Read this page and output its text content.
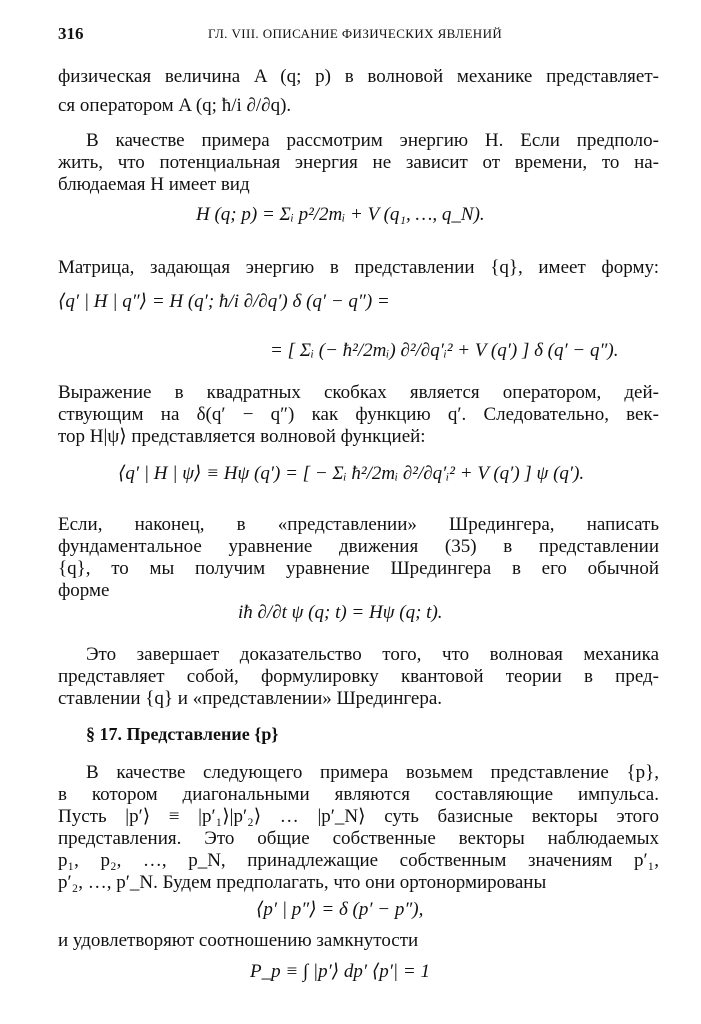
316	ГЛ. VIII. ОПИСАНИЕ ФИЗИЧЕСКИХ ЯВЛЕНИЙ
физическая величина A (q; p) в волновой механике представляет-
ся оператором A (q; ħ/i ∂/∂q).
В качестве примера рассмотрим энергию H. Если предполо-
жить, что потенциальная энергия не зависит от времени, то на-
блюдаемая H имеет вид
H (q; p) = Σᵢ p²/2mᵢ + V (q₁, …, q_N).
Матрица, задающая энергию в представлении {q}, имеет форму:
⟨q′ | H | q″⟩ = H (q′; ħ/i ∂/∂q′) δ (q′ − q″) =
= [ Σᵢ (− ħ²/2mᵢ) ∂²/∂q′ᵢ² + V (q′) ] δ (q′ − q″).
Выражение в квадратных скобках является оператором, дей-
ствующим на δ(q′ − q″) как функцию q′. Следовательно, век-
тор H|ψ⟩ представляется волновой функцией:
⟨q′ | H | ψ⟩ ≡ Hψ (q′) = [ − Σᵢ ħ²/2mᵢ ∂²/∂q′ᵢ² + V (q′) ] ψ (q′).
Если, наконец, в «представлении» Шредингера, написать
фундаментальное уравнение движения (35) в представлении
{q}, то мы получим уравнение Шредингера в его обычной
форме
iħ ∂/∂t ψ (q; t) = Hψ (q; t).
Это завершает доказательство того, что волновая механика
представляет собой, формулировку квантовой теории в пред-
ставлении {q} и «представлении» Шредингера.
§ 17. Представление {p}
В качестве следующего примера возьмем представление {p},
в котором диагональными являются составляющие импульса.
Пусть |p′⟩ ≡ |p′₁⟩|p′₂⟩ … |p′_N⟩ суть базисные векторы этого
представления. Это общие собственные векторы наблюдаемых
p₁, p₂, …, p_N, принадлежащие собственным значениям p′₁,
p′₂, …, p′_N. Будем предполагать, что они ортонормированы
⟨p′ | p″⟩ = δ (p′ − p″),
и удовлетворяют соотношению замкнутости
P_p ≡ ∫ |p′⟩ dp′ ⟨p′| = 1
